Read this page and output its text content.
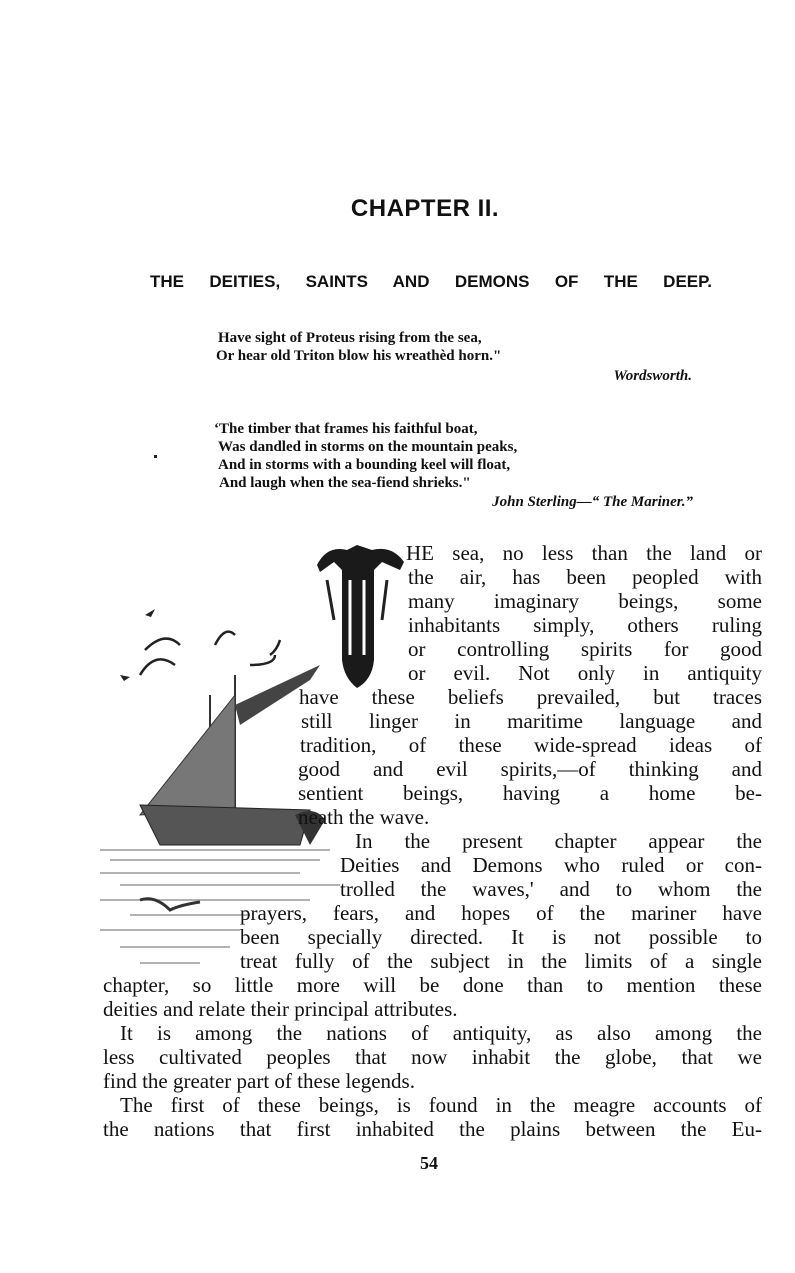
CHAPTER II.
THE DEITIES, SAINTS AND DEMONS OF THE DEEP.
Have sight of Proteus rising from the sea,
Or hear old Triton blow his wreathèd horn."
Wordsworth.
‘The timber that frames his faithful boat,
Was dandled in storms on the mountain peaks,
And in storms with a bounding keel will float,
And laugh when the sea-fiend shrieks."
John Sterling—“ The Mariner.”
HE sea, no less than the land or
the air, has been peopled with
many imaginary beings, some
inhabitants simply, others ruling
or controlling spirits for good
or evil. Not only in antiquity
have these beliefs prevailed, but traces
still linger in maritime language and
tradition, of these wide-spread ideas of
good and evil spirits,—of thinking and
sentient beings, having a home be-
neath the wave.
In the present chapter appear the
Deities and Demons who ruled or con-
trolled the waves,' and to whom the
prayers, fears, and hopes of the mariner have
been specially directed. It is not possible to
treat fully of the subject in the limits of a single
chapter, so little more will be done than to mention these
deities and relate their principal attributes.
It is among the nations of antiquity, as also among the
less cultivated peoples that now inhabit the globe, that we
find the greater part of these legends.
The first of these beings, is found in the meagre accounts of
the nations that first inhabited the plains between the Eu-
54
